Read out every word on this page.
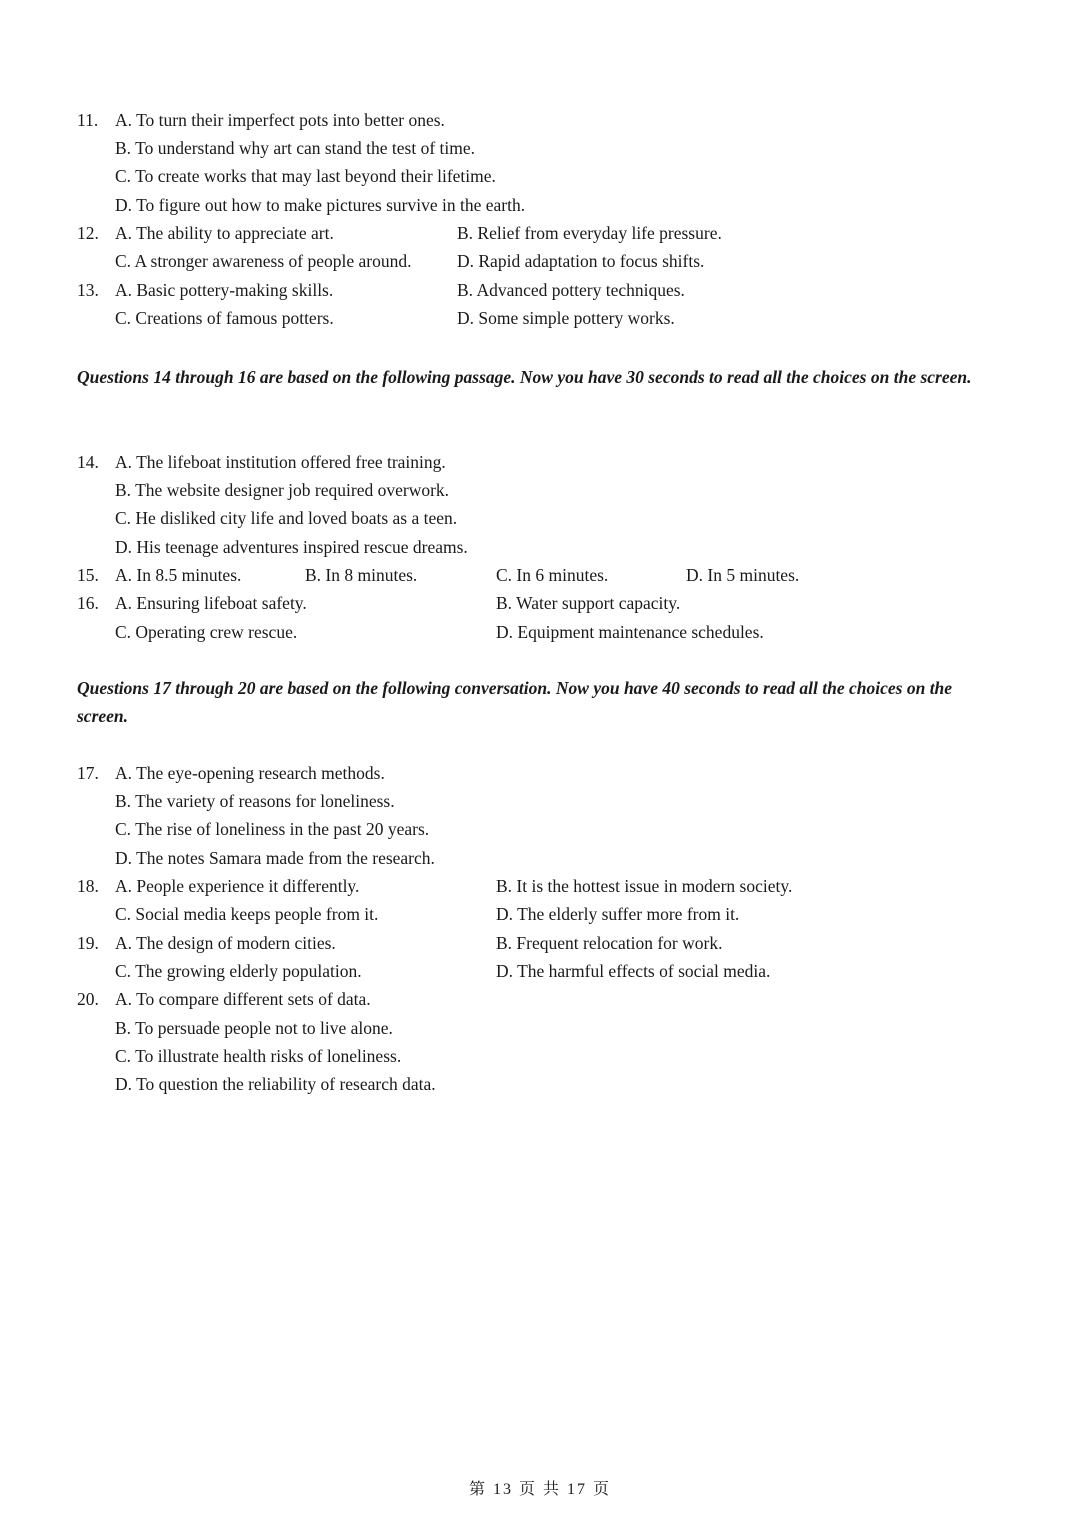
11. A. To turn their imperfect pots into better ones.
B. To understand why art can stand the test of time.
C. To create works that may last beyond their lifetime.
D. To figure out how to make pictures survive in the earth.
12. A. The ability to appreciate art.	B. Relief from everyday life pressure.
C. A stronger awareness of people around.	D. Rapid adaptation to focus shifts.
13. A. Basic pottery-making skills.	B. Advanced pottery techniques.
C. Creations of famous potters.	D. Some simple pottery works.
Questions 14 through 16 are based on the following passage. Now you have 30 seconds to read all the choices on the screen.
14. A. The lifeboat institution offered free training.
B. The website designer job required overwork.
C. He disliked city life and loved boats as a teen.
D. His teenage adventures inspired rescue dreams.
15. A. In 8.5 minutes.	B. In 8 minutes.	C. In 6 minutes.	D. In 5 minutes.
16. A. Ensuring lifeboat safety.	B. Water support capacity.
C. Operating crew rescue.	D. Equipment maintenance schedules.
Questions 17 through 20 are based on the following conversation. Now you have 40 seconds to read all the choices on the screen.
17. A. The eye-opening research methods.
B. The variety of reasons for loneliness.
C. The rise of loneliness in the past 20 years.
D. The notes Samara made from the research.
18. A. People experience it differently.	B. It is the hottest issue in modern society.
C. Social media keeps people from it.	D. The elderly suffer more from it.
19. A. The design of modern cities.	B. Frequent relocation for work.
C. The growing elderly population.	D. The harmful effects of social media.
20. A. To compare different sets of data.
B. To persuade people not to live alone.
C. To illustrate health risks of loneliness.
D. To question the reliability of research data.
第 13 页 共 17 页
